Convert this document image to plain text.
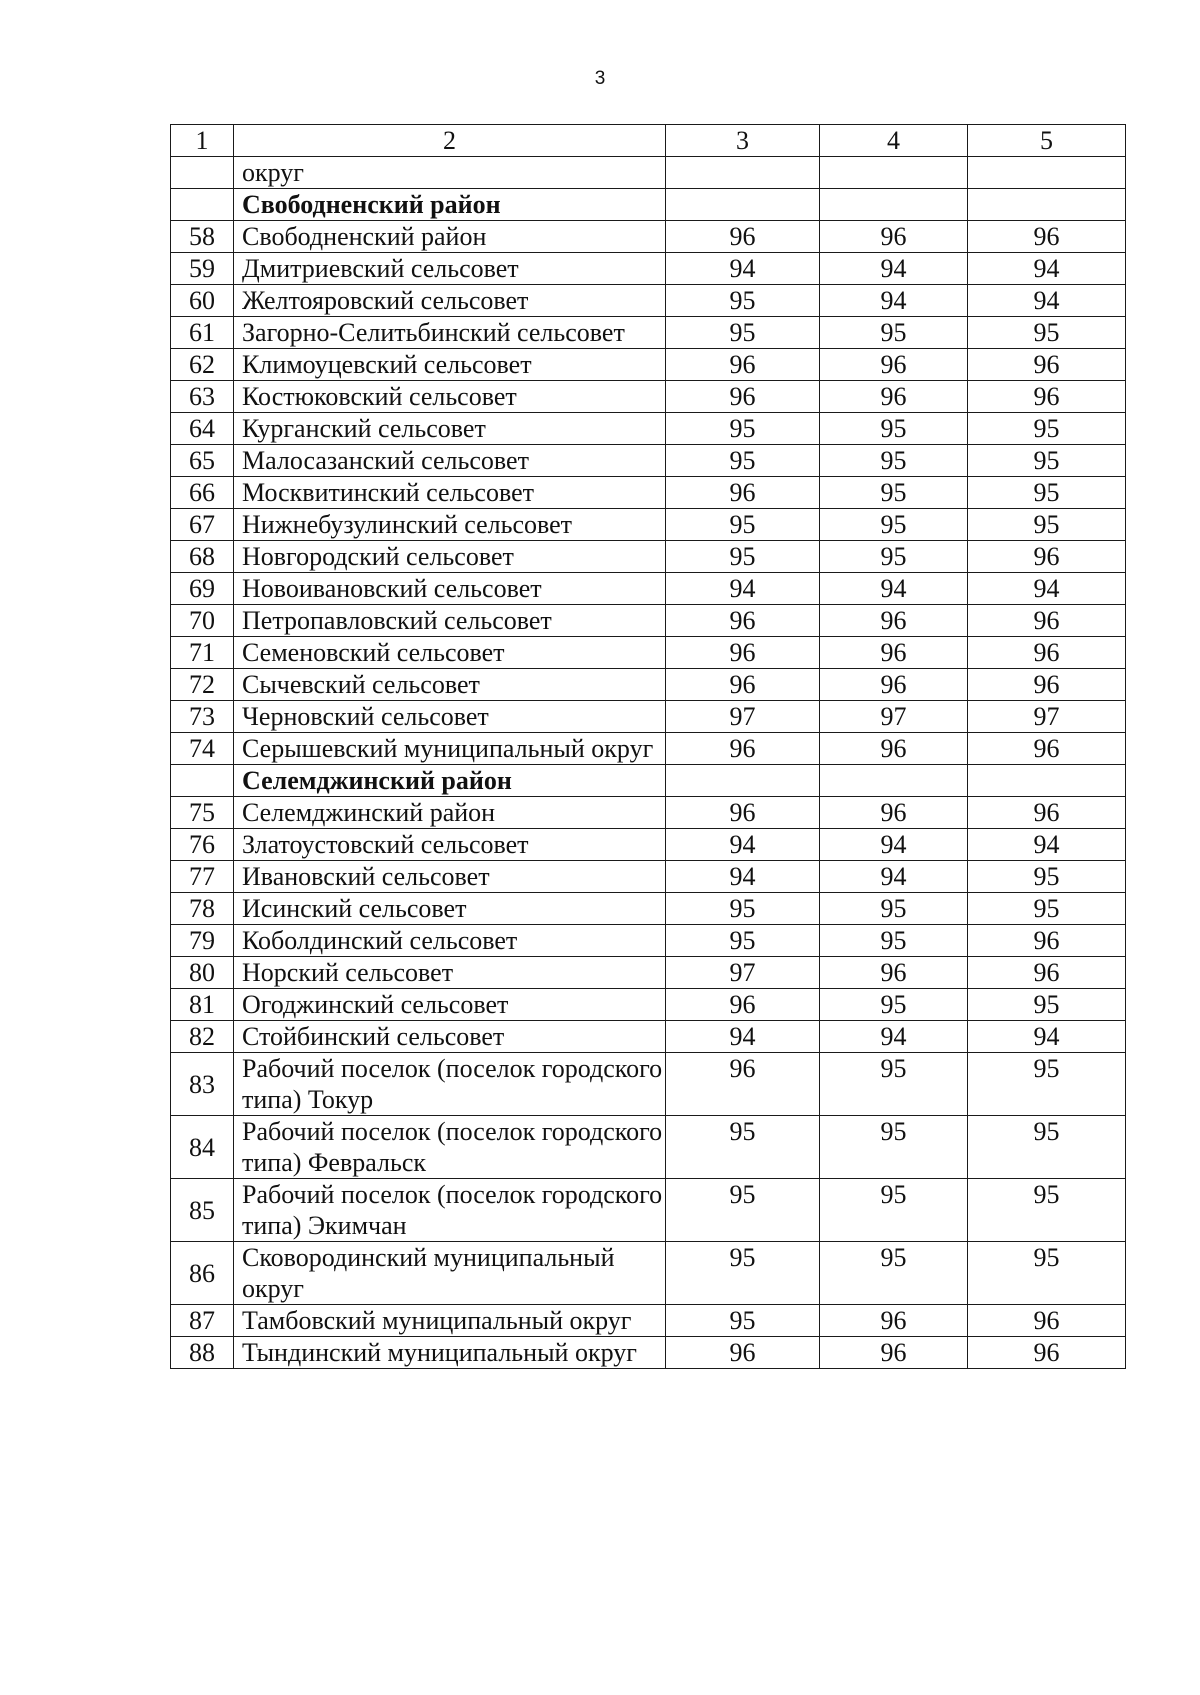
3
1	2	3	4	5
	округ			
	Свободненский район			
58	Свободненский район	96	96	96
59	Дмитриевский сельсовет	94	94	94
60	Желтояровский сельсовет	95	94	94
61	Загорно-Селитьбинский сельсовет	95	95	95
62	Климоуцевский сельсовет	96	96	96
63	Костюковский сельсовет	96	96	96
64	Курганский сельсовет	95	95	95
65	Малосазанский сельсовет	95	95	95
66	Москвитинский сельсовет	96	95	95
67	Нижнебузулинский сельсовет	95	95	95
68	Новгородский сельсовет	95	95	96
69	Новоивановский сельсовет	94	94	94
70	Петропавловский сельсовет	96	96	96
71	Семеновский сельсовет	96	96	96
72	Сычевский сельсовет	96	96	96
73	Черновский сельсовет	97	97	97
74	Серышевский муниципальный округ	96	96	96
	Селемджинский район			
75	Селемджинский район	96	96	96
76	Златоустовский сельсовет	94	94	94
77	Ивановский сельсовет	94	94	95
78	Исинский сельсовет	95	95	95
79	Коболдинский сельсовет	95	95	96
80	Норский сельсовет	97	96	96
81	Огоджинский сельсовет	96	95	95
82	Стойбинский сельсовет	94	94	94
83	Рабочий поселок (поселок городского типа) Токур	96	95	95
84	Рабочий поселок (поселок городского типа) Февральск	95	95	95
85	Рабочий поселок (поселок городского типа) Экимчан	95	95	95
86	Сковородинский муниципальный округ	95	95	95
87	Тамбовский муниципальный округ	95	96	96
88	Тындинский муниципальный округ	96	96	96
